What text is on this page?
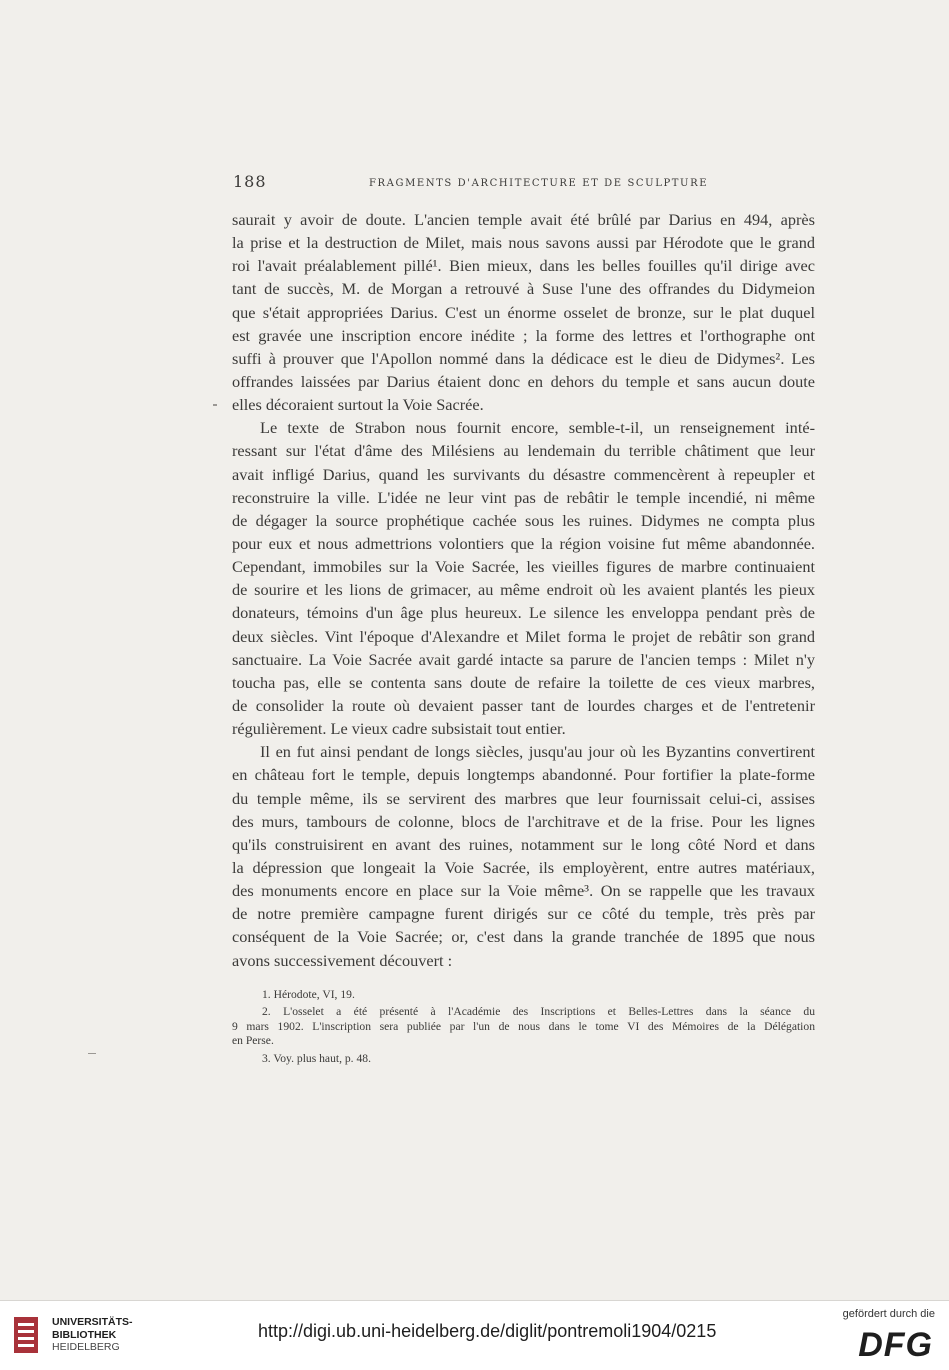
188	FRAGMENTS D'ARCHITECTURE ET DE SCULPTURE
saurait y avoir de doute. L'ancien temple avait été brûlé par Darius en 494, après
la prise et la destruction de Milet, mais nous savons aussi par Hérodote que le grand
roi l'avait préalablement pillé¹. Bien mieux, dans les belles fouilles qu'il dirige avec
tant de succès, M. de Morgan a retrouvé à Suse l'une des offrandes du Didymeion
que s'était appropriées Darius. C'est un énorme osselet de bronze, sur le plat duquel
est gravée une inscription encore inédite ; la forme des lettres et l'orthographe ont
suffi à prouver que l'Apollon nommé dans la dédicace est le dieu de Didymes². Les
offrandes laissées par Darius étaient donc en dehors du temple et sans aucun doute
elles décoraient surtout la Voie Sacrée.
Le texte de Strabon nous fournit encore, semble-t-il, un renseignement inté-
ressant sur l'état d'âme des Milésiens au lendemain du terrible châtiment que leur
avait infligé Darius, quand les survivants du désastre commencèrent à repeupler et
reconstruire la ville. L'idée ne leur vint pas de rebâtir le temple incendié, ni même
de dégager la source prophétique cachée sous les ruines. Didymes ne compta plus
pour eux et nous admettrions volontiers que la région voisine fut même abandonnée.
Cependant, immobiles sur la Voie Sacrée, les vieilles figures de marbre continuaient
de sourire et les lions de grimacer, au même endroit où les avaient plantés les pieux
donateurs, témoins d'un âge plus heureux. Le silence les enveloppa pendant près de
deux siècles. Vint l'époque d'Alexandre et Milet forma le projet de rebâtir son grand
sanctuaire. La Voie Sacrée avait gardé intacte sa parure de l'ancien temps : Milet n'y
toucha pas, elle se contenta sans doute de refaire la toilette de ces vieux marbres,
de consolider la route où devaient passer tant de lourdes charges et de l'entretenir
régulièrement. Le vieux cadre subsistait tout entier.
Il en fut ainsi pendant de longs siècles, jusqu'au jour où les Byzantins convertirent
en château fort le temple, depuis longtemps abandonné. Pour fortifier la plate-forme
du temple même, ils se servirent des marbres que leur fournissait celui-ci, assises
des murs, tambours de colonne, blocs de l'architrave et de la frise. Pour les lignes
qu'ils construisirent en avant des ruines, notamment sur le long côté Nord et dans
la dépression que longeait la Voie Sacrée, ils employèrent, entre autres matériaux,
des monuments encore en place sur la Voie même³. On se rappelle que les travaux
de notre première campagne furent dirigés sur ce côté du temple, très près par
conséquent de la Voie Sacrée; or, c'est dans la grande tranchée de 1895 que nous
avons successivement découvert :
1. Hérodote, VI, 19.
2. L'osselet a été présenté à l'Académie des Inscriptions et Belles-Lettres dans la séance du
9 mars 1902. L'inscription sera publiée par l'un de nous dans le tome VI des Mémoires de la Délégation
en Perse.
3. Voy. plus haut, p. 48.
UNIVERSITÄTS-
BIBLIOTHEK
HEIDELBERG
http://digi.ub.uni-heidelberg.de/diglit/pontremoli1904/0215
gefördert durch die
DFG
